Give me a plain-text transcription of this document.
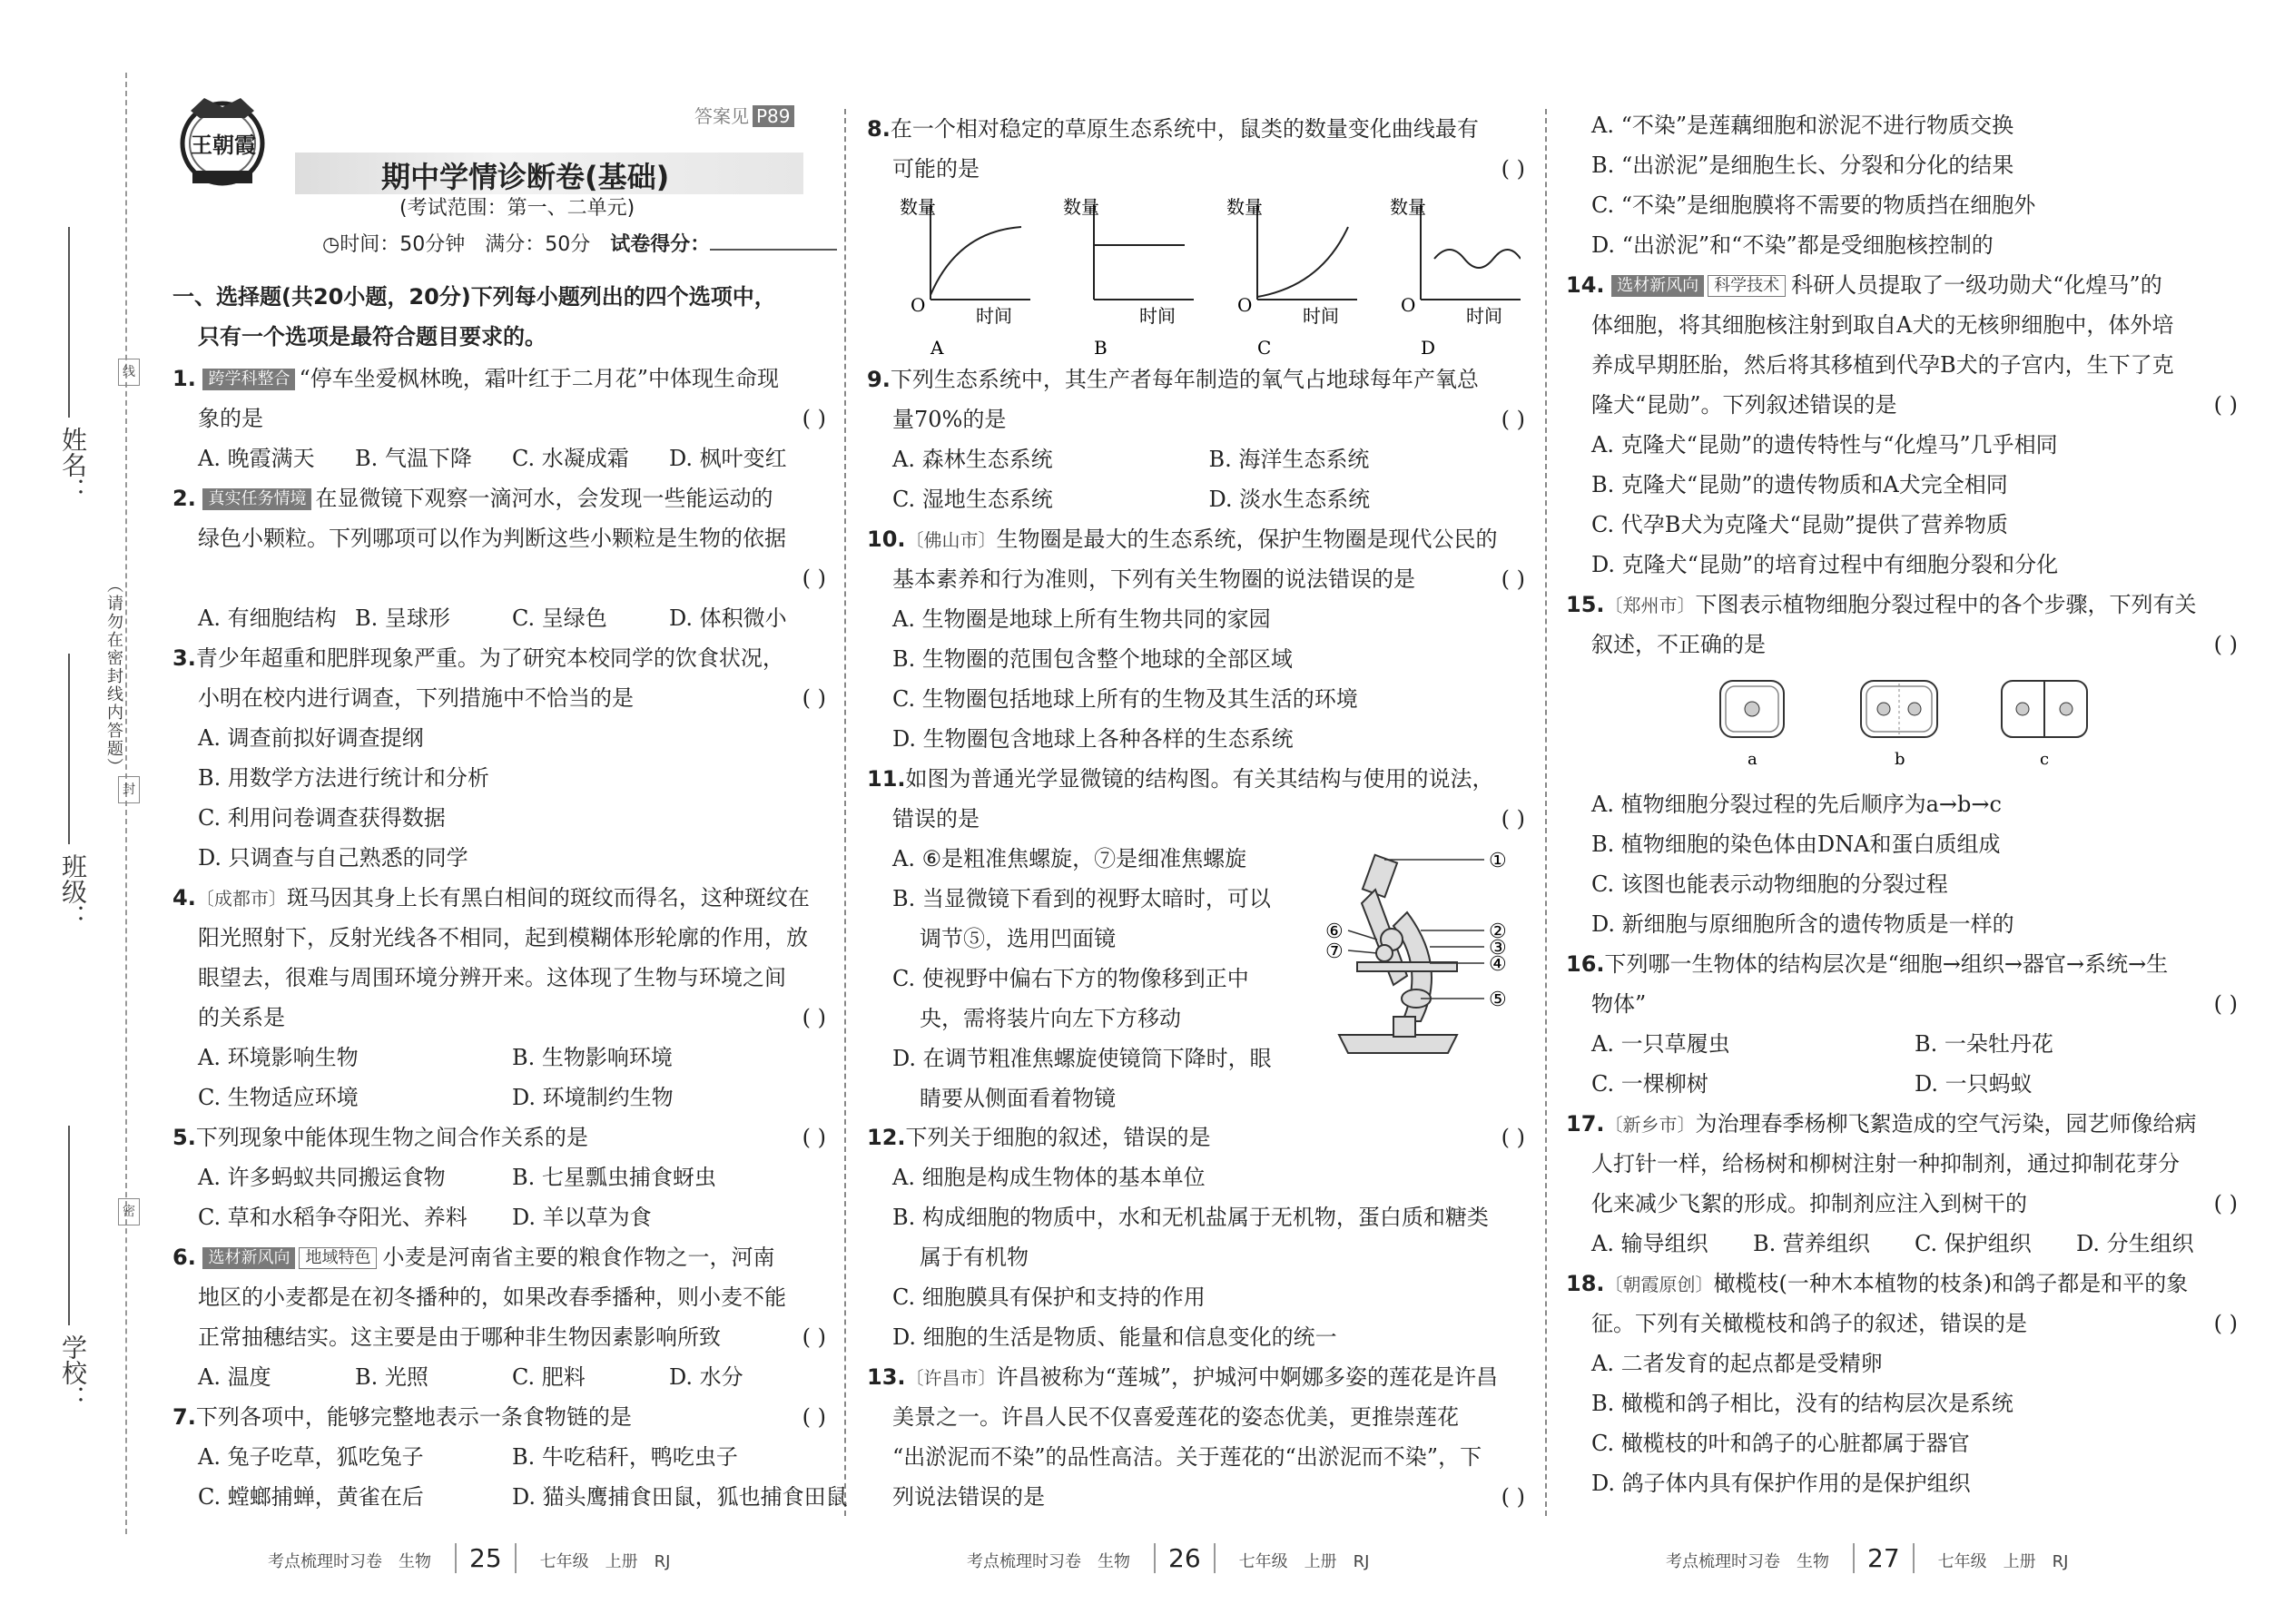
姓名：
班级：
学校：
线
封
密
（请勿在密封线内答题）
王朝霞
答案见 P89
期中学情诊断卷(基础)
(考试范围：第一、二单元)
◷时间：50分钟　 满分：50分　 试卷得分：
一、选择题(共20小题，20分)下列每小题列出的四个选项中，
只有一个选项是最符合题目要求的。
1. 跨学科整合 “停车坐爱枫林晚，霜叶红于二月花”中体现生命现
象的是	( )
A. 晚霞满天	B. 气温下降	C. 水凝成霜	D. 枫叶变红
2. 真实任务情境 在显微镜下观察一滴河水，会发现一些能运动的
绿色小颗粒。下列哪项可以作为判断这些小颗粒是生物的依据
( )
A. 有细胞结构 B. 呈球形	C. 呈绿色	D. 体积微小
3.青少年超重和肥胖现象严重。为了研究本校同学的饮食状况，
小明在校内进行调查，下列措施中不恰当的是	( )
A. 调查前拟好调查提纲
B. 用数学方法进行统计和分析
C. 利用问卷调查获得数据
D. 只调查与自己熟悉的同学
4.〔成都市〕斑马因其身上长有黑白相间的斑纹而得名，这种斑纹在
阳光照射下，反射光线各不相同，起到模糊体形轮廓的作用，放
眼望去，很难与周围环境分辨开来。这体现了生物与环境之间
的关系是	( )
A. 环境影响生物	B. 生物影响环境
C. 生物适应环境	D. 环境制约生物
5.下列现象中能体现生物之间合作关系的是	( )
A. 许多蚂蚁共同搬运食物	B. 七星瓢虫捕食蚜虫
C. 草和水稻争夺阳光、养料	D. 羊以草为食
6. 选材新风向 地域特色 小麦是河南省主要的粮食作物之一，河南
地区的小麦都是在初冬播种的，如果改春季播种，则小麦不能
正常抽穗结实。这主要是由于哪种非生物因素影响所致	( )
A. 温度	B. 光照	C. 肥料	D. 水分
7.下列各项中，能够完整地表示一条食物链的是	( )
A. 兔子吃草，狐吃兔子	B. 牛吃秸秆，鸭吃虫子
C. 螳螂捕蝉，黄雀在后	D. 猫头鹰捕食田鼠，狐也捕食田鼠
考点梳理时习卷　生物 25 七年级　上册　RJ
8.在一个相对稳定的草原生态系统中，鼠类的数量变化曲线最有
可能的是	( )
数量
O	时间
A
数量
时间
B
数量
O	时间
C
数量
O	时间
D
9.下列生态系统中，其生产者每年制造的氧气占地球每年产氧总
量70%的是	( )
A. 森林生态系统	B. 海洋生态系统
C. 湿地生态系统	D. 淡水生态系统
10.〔佛山市〕生物圈是最大的生态系统，保护生物圈是现代公民的
基本素养和行为准则，下列有关生物圈的说法错误的是	( )
A. 生物圈是地球上所有生物共同的家园
B. 生物圈的范围包含整个地球的全部区域
C. 生物圈包括地球上所有的生物及其生活的环境
D. 生物圈包含地球上各种各样的生态系统
11.如图为普通光学显微镜的结构图。有关其结构与使用的说法，
错误的是	( )
A. ⑥是粗准焦螺旋，⑦是细准焦螺旋
B. 当显微镜下看到的视野太暗时，可以
调节⑤，选用凹面镜
C. 使视野中偏右下方的物像移到正中
央，需将装片向左下方移动
D. 在调节粗准焦螺旋使镜筒下降时，眼
睛要从侧面看着物镜
①
②
③
④
⑤
⑥
⑦
12.下列关于细胞的叙述，错误的是	( )
A. 细胞是构成生物体的基本单位
B. 构成细胞的物质中，水和无机盐属于无机物，蛋白质和糖类
属于有机物
C. 细胞膜具有保护和支持的作用
D. 细胞的生活是物质、能量和信息变化的统一
13.〔许昌市〕许昌被称为“莲城”，护城河中婀娜多姿的莲花是许昌
美景之一。许昌人民不仅喜爱莲花的姿态优美，更推崇莲花
“出淤泥而不染”的品性高洁。关于莲花的“出淤泥而不染”，下
列说法错误的是	( )
考点梳理时习卷　生物 26 七年级　上册　RJ
A. “不染”是莲藕细胞和淤泥不进行物质交换
B. “出淤泥”是细胞生长、分裂和分化的结果
C. “不染”是细胞膜将不需要的物质挡在细胞外
D. “出淤泥”和“不染”都是受细胞核控制的
14. 选材新风向 科学技术 科研人员提取了一级功勋犬“化煌马”的
体细胞，将其细胞核注射到取自A犬的无核卵细胞中，体外培
养成早期胚胎，然后将其移植到代孕B犬的子宫内，生下了克
隆犬“昆勋”。下列叙述错误的是	( )
A. 克隆犬“昆勋”的遗传特性与“化煌马”几乎相同
B. 克隆犬“昆勋”的遗传物质和A犬完全相同
C. 代孕B犬为克隆犬“昆勋”提供了营养物质
D. 克隆犬“昆勋”的培育过程中有细胞分裂和分化
15.〔郑州市〕下图表示植物细胞分裂过程中的各个步骤，下列有关
叙述，不正确的是	( )
a	b	c
A. 植物细胞分裂过程的先后顺序为a→b→c
B. 植物细胞的染色体由DNA和蛋白质组成
C. 该图也能表示动物细胞的分裂过程
D. 新细胞与原细胞所含的遗传物质是一样的
16.下列哪一生物体的结构层次是“细胞→组织→器官→系统→生
物体”	( )
A. 一只草履虫	B. 一朵牡丹花
C. 一棵柳树	D. 一只蚂蚁
17.〔新乡市〕为治理春季杨柳飞絮造成的空气污染，园艺师像给病
人打针一样，给杨树和柳树注射一种抑制剂，通过抑制花芽分
化来减少飞絮的形成。抑制剂应注入到树干的	( )
A. 输导组织	B. 营养组织	C. 保护组织	D. 分生组织
18.〔朝霞原创〕橄榄枝(一种木本植物的枝条)和鸽子都是和平的象
征。下列有关橄榄枝和鸽子的叙述，错误的是	( )
A. 二者发育的起点都是受精卵
B. 橄榄和鸽子相比，没有的结构层次是系统
C. 橄榄枝的叶和鸽子的心脏都属于器官
D. 鸽子体内具有保护作用的是保护组织
考点梳理时习卷　生物 27 七年级　上册　RJ
